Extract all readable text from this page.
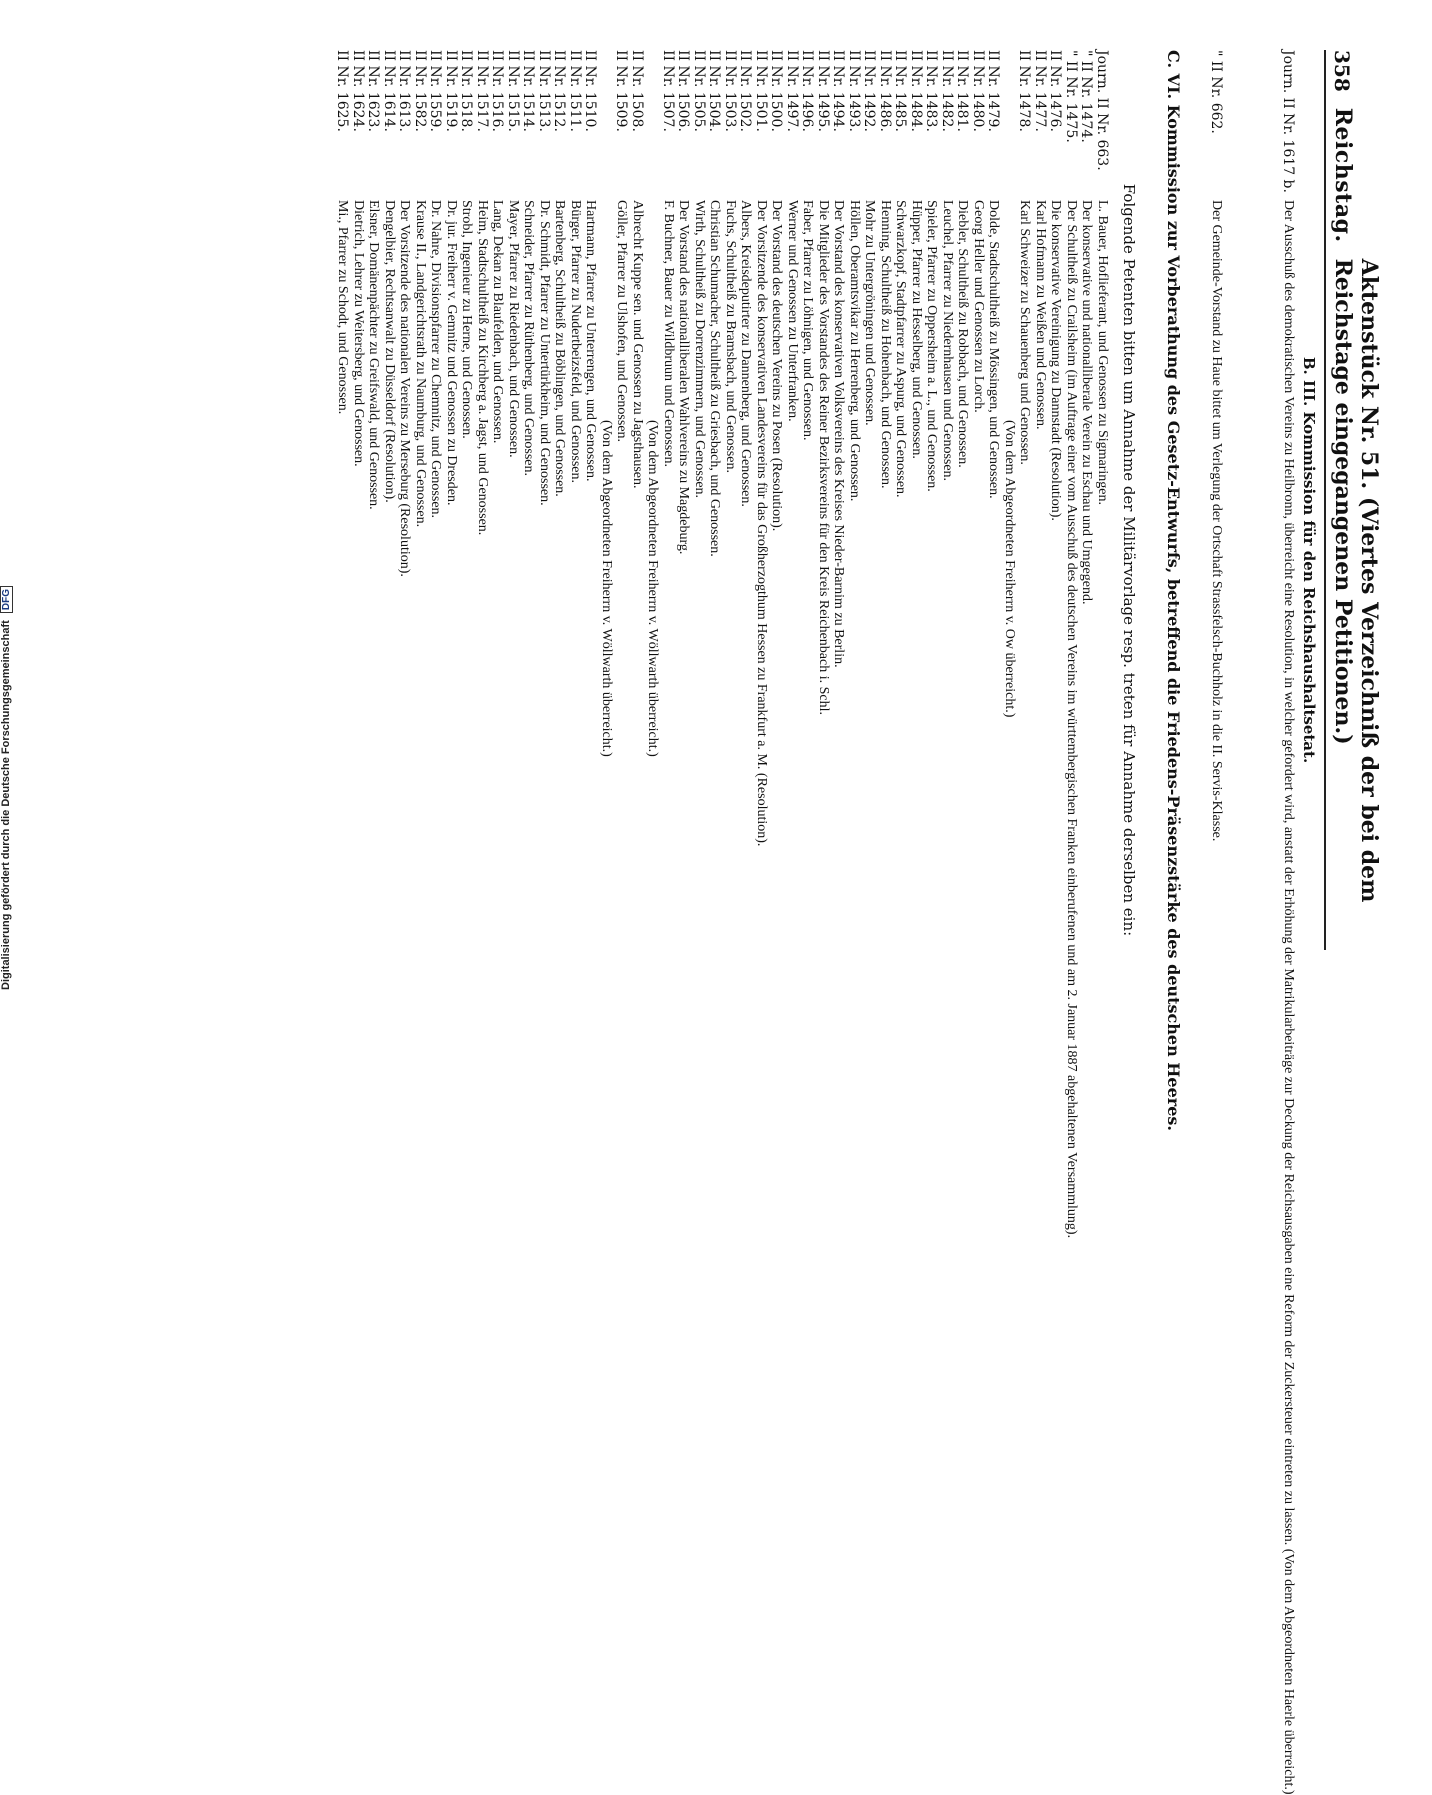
358
Reichstag.
Aktenstück Nr. 51. (Viertes Verzeichniß der bei dem Reichstage eingegangenen Petitionen.)
B. III. Kommission für den Reichshaushaltsetat.
Journ. II Nr. 1617 b.
Der Ausschuß des demokratischen Vereins zu Heilbronn, überreicht eine Resolution, in welcher gefordert wird, anstatt der Erhöhung der Matrikularbeiträge zur Deckung der Reichsausgaben eine Reform der Zuckersteuer eintreten zu lassen. (Von dem Abgeordneten Haerle überreicht.)
" II Nr. 662.
Der Gemeinde-Vorstand zu Haue bittet um Verlegung der Ortschaft Strassfelsch-Buchholz in die II. Servis-Klasse.
C. VI. Kommission zur Vorberathung des Gesetz-Entwurfs, betreffend die Friedens-Präsenzstärke des deutschen Heeres.
Folgende Petenten bitten um Annahme der Militärvorlage resp. treten für Annahme derselben ein:
Journ. II Nr. 663.
L. Bauer, Hoflieferant, und Genossen zu Sigmaringen.
" II Nr. 1474.
Der konservative und nationalliberale Verein zu Eschau und Umgegend.
" II Nr. 1475.
Der Schultheiß zu Crailsheim (im Auftrage einer vom Ausschuß des deutschen Vereins im württembergischen Franken einberufenen und am 2. Januar 1887 abgehaltenen Versammlung).
II Nr. 1476.
Die konservative Vereinigung zu Dannstadt (Resolution).
II Nr. 1477.
Karl Hofmann zu Weißen und Genossen.
II Nr. 1478.
Karl Schweizer zu Schauenberg und Genossen.
(Von dem Abgeordneten Freiherrn v. Ow überreicht.)
II Nr. 1479.
Dolde, Stadtschultheiß zu Mössingen, und Genossen.
II Nr. 1480.
Georg Heller und Genossen zu Lorch.
II Nr. 1481.
Diebler, Schultheiß zu Robbach, und Genossen.
II Nr. 1482.
Leuchel, Pfarrer zu Niedernhausen und Genossen.
II Nr. 1483.
Spieler, Pfarrer zu Oppersheim a. L., und Genossen.
II Nr. 1484.
Hüpper, Pfarrer zu Hesselberg, und Genossen.
II Nr. 1485.
Schwarzkopf, Stadtpfarrer zu Aspurg, und Genossen.
II Nr. 1486.
Henning, Schultheiß zu Hohenbach, und Genossen.
II Nr. 1492.
Mohr zu Untergröningen und Genossen.
II Nr. 1493.
Höllen, Oberamtsvikar zu Herrenberg, und Genossen.
II Nr. 1494.
Der Vorstand des konservativen Volksvereins des Kreises Nieder-Barnim zu Berlin.
II Nr. 1495.
Die Mitglieder des Vorstandes des Reiner Bezirksvereins für den Kreis Reichenbach i. Schl.
II Nr. 1496.
Faber, Pfarrer zu Löhnigen, und Genossen.
II Nr. 1497.
Werner und Genossen zu Unterfranken.
II Nr. 1500.
Der Vorstand des deutschen Vereins zu Posen (Resolution).
II Nr. 1501.
Der Vorsitzende des konservativen Landesvereins für das Großherzogthum Hessen zu Frankfurt a. M. (Resolution).
II Nr. 1502.
Albers, Kreisdeputirter zu Dannenberg, und Genossen.
II Nr. 1503.
Fuchs, Schultheiß zu Bramsbach, und Genossen.
II Nr. 1504.
Christian Schumacher, Schultheiß zu Griesbach, und Genossen.
II Nr. 1505.
Wirth, Schultheiß zu Dorrenzimmern, und Genossen.
II Nr. 1506.
Der Vorstand des nationalliberalen Wahlvereins zu Magdeburg.
II Nr. 1507.
F. Buchner, Bauer zu Wildbruun und Genossen.
(Von dem Abgeordneten Freiherrn v. Wöllwarth überreicht.)
II Nr. 1508.
Albrecht Kuppe sen. und Genossen zu Jagsthausen.
II Nr. 1509.
Göller, Pfarrer zu Ulshofen, und Genossen.
(Von dem Abgeordneten Freiherrn v. Wöllwarth überreicht.)
II Nr. 1510.
Hartmann, Pfarrer zu Unterrengen, und Genossen.
II Nr. 1511.
Bürger, Pfarrer zu Nudertbeizsfeld, und Genossen.
II Nr. 1512.
Bartenberg, Schultheiß zu Böblingen, und Genossen.
II Nr. 1513.
Dr. Schmidt, Pfarrer zu Untertürkheim, und Genossen.
II Nr. 1514.
Schneider, Pfarrer zu Rüthenberg, und Genossen.
II Nr. 1515.
Mayer, Pfarrer zu Riedenbach, und Genossen.
II Nr. 1516.
Lang, Dekan zu Blaufelden, und Genossen.
II Nr. 1517.
Heim, Stadtschultheiß zu Kirchberg a. Jagst, und Genossen.
II Nr. 1518.
Strobl, Ingenieur zu Herne, und Genossen.
II Nr. 1519.
Dr. jur. Freiherr v. Gemnitz und Genossen zu Dresden.
II Nr. 1559.
Dr. Nahre, Divisionspfarrer zu Chemnitz, und Genossen.
II Nr. 1582.
Krause II., Landgerichtsrath zu Naumburg, und Genossen.
II Nr. 1613.
Der Vorsitzende des nationalen Vereins zu Merseburg (Resolution).
II Nr. 1614.
Dengelbier, Rechtsanwalt zu Düsseldorf (Resolution).
II Nr. 1623.
Elsner, Domänenpächter zu Greifswald, und Genossen.
II Nr. 1624.
Dietrich, Lehrer zu Weitersberg, und Genossen.
II Nr. 1625.
Mi., Pfarrer zu Schodt, und Genossen.
Digitalisierung gefördert durch die Deutsche Forschungsgemeinschaft DFG
